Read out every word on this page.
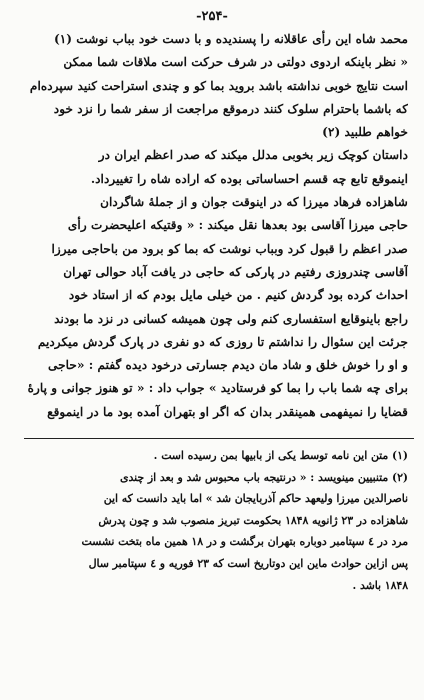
-۲۵۴-

محمد شاه این رأی عاقلانه را پسندیده و با دست خود بباب نوشت (۱)

« نظر باینکه اردوی دولتی در شرف حرکت است ملاقات شما ممکن

است نتایج خوبی نداشته باشد بروید بما کو و چندی استراحت کنید سپرده‌ام

که باشما باحترام سلوک کنند درموقع مراجعت از سفر شما را نزد خود

خواهم طلبید (۲)

داستان کوچک زیر بخوبی مدلل میکند که صدر اعظم ایران در

اینموقع تابع چه قسم احساساتی بوده که اراده شاه را تغییرداد.

شاهزاده فرهاد میرزا که در اینوقت جوان و از جملهٔ شاگردان

حاجی میرزا آقاسی بود بعدها نقل میکند : « وقتیکه اعلیحضرت رأی

صدر اعظم را قبول کرد وبباب نوشت که بما کو برود من باحاجی میرزا

آقاسی چندروزی رفتیم در پارکی که حاجی در یافت آباد حوالی تهران

احداث کرده بود گردش کنیم . من خیلی مایل بودم که از استاد خود

راجع باینوقایع استفساری کنم ولی چون همیشه کسانی در نزد ما بودند

جرئت این سئوال را نداشتم تا روزی که دو نفری در پارک گردش میکردیم

و او را خوش خلق و شاد مان دیدم جسارتی درخود دیده گفتم : «حاجی

برای چه شما باب را بما کو فرستادید » جواب داد : « تو هنوز جوانی و پارهٔ

قضایا را نمیفهمی همینقدر بدان که اگر او بتهران آمده بود ما در اینموقع

(۱) متن این نامه توسط یکی از بابیها بمن رسیده است .

(۲) متنبیین مینویسد : « درنتیجه باب محبوس شد و بعد از چندی

ناصرالدین میرزا ولیعهد حاکم آذربایجان شد » اما باید دانست که این

شاهزاده در ۲۳ ژانویه ۱۸۴۸ بحکومت تبریز منصوب شد و چون پدرش

مرد در ٤ سپتامبر دوباره بتهران برگشت و در ۱۸ همین ماه بتخت نشست

پس ازاین حوادث ماین این دوتاریخ است که ۲۳ فوریه و ٤ سپتامبر سال

۱۸۴۸ باشد .
